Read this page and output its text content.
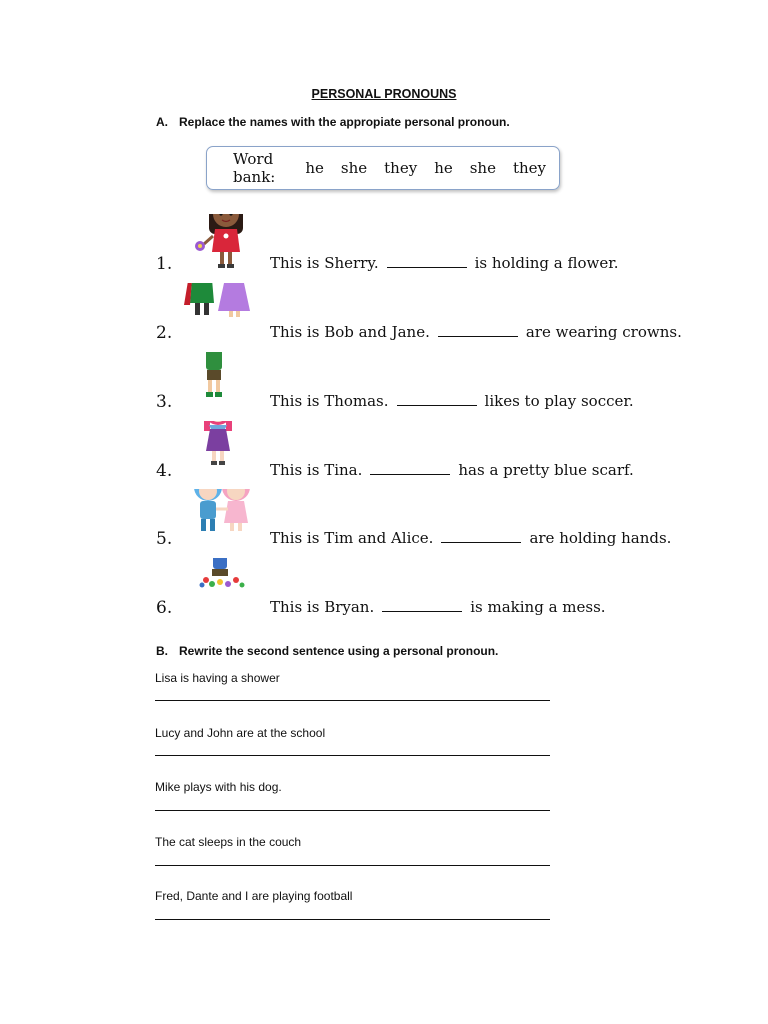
PERSONAL PRONOUNS
A. Replace the names with the appropiate personal pronoun.
Word bank: he she they he she they
1.	This is Sherry.	is holding a flower.
2.	This is Bob and Jane.	are wearing crowns.
3.	This is Thomas.	likes to play soccer.
4.	This is Tina.	has a pretty blue scarf.
5.	This is Tim and Alice.	are holding hands.
6.	This is Bryan.	is making a mess.
B. Rewrite the second sentence using a personal pronoun.
Lisa is having a shower
Lucy and John are at the school
Mike plays with his dog.
The cat sleeps in the couch
Fred, Dante and I are playing football
